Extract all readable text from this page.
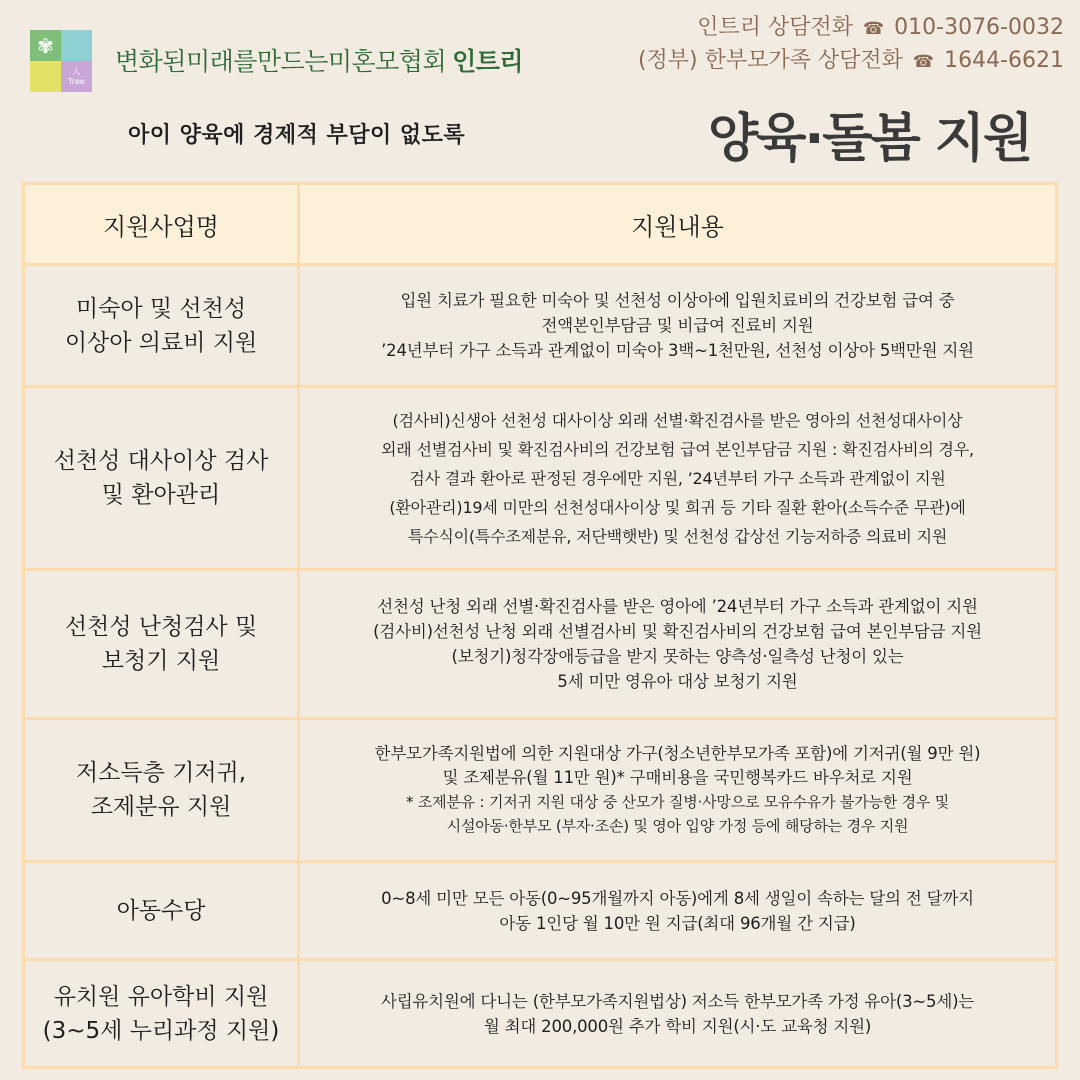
✾
人
Tree
변화된미래를만드는미혼모협회 인트리
인트리 상담전화 ☎ 010-3076-0032
(정부) 한부모가족 상담전화 ☎ 1644-6621
아이 양육에 경제적 부담이 없도록	양육·돌봄 지원
지원사업명	지원내용

미숙아 및 선천성
이상아 의료비 지원	입원 치료가 필요한 미숙아 및 선천성 이상아에 입원치료비의 건강보험 급여 중
전액본인부담금 및 비급여 진료비 지원
’24년부터 가구 소득과 관계없이 미숙아 3백~1천만원, 선천성 이상아 5백만원 지원

선천성 대사이상 검사
및 환아관리	(검사비)신생아 선천성 대사이상 외래 선별·확진검사를 받은 영아의 선천성대사이상
외래 선별검사비 및 확진검사비의 건강보험 급여 본인부담금 지원 : 확진검사비의 경우,
검사 결과 환아로 판정된 경우에만 지원, ’24년부터 가구 소득과 관계없이 지원
(환아관리)19세 미만의 선천성대사이상 및 희귀 등 기타 질환 환아(소득수준 무관)에
특수식이(특수조제분유, 저단백햇반) 및 선천성 갑상선 기능저하증 의료비 지원

선천성 난청검사 및
보청기 지원	선천성 난청 외래 선별·확진검사를 받은 영아에 ’24년부터 가구 소득과 관계없이 지원
(검사비)선천성 난청 외래 선별검사비 및 확진검사비의 건강보험 급여 본인부담금 지원
(보청기)청각장애등급을 받지 못하는 양측성·일측성 난청이 있는
5세 미만 영유아 대상 보청기 지원

저소득층 기저귀,
조제분유 지원	한부모가족지원법에 의한 지원대상 가구(청소년한부모가족 포함)에 기저귀(월 9만 원)
및 조제분유(월 11만 원)* 구매비용을 국민행복카드 바우처로 지원
* 조제분유 : 기저귀 지원 대상 중 산모가 질병·사망으로 모유수유가 불가능한 경우 및
시설아동·한부모 (부자·조손) 및 영아 입양 가정 등에 해당하는 경우 지원

아동수당	0~8세 미만 모든 아동(0~95개월까지 아동)에게 8세 생일이 속하는 달의 전 달까지
아동 1인당 월 10만 원 지급(최대 96개월 간 지급)

유치원 유아학비 지원
(3~5세 누리과정 지원)	사립유치원에 다니는 (한부모가족지원법상) 저소득 한부모가족 가정 유아(3~5세)는
월 최대 200,000원 추가 학비 지원(시·도 교육청 지원)
